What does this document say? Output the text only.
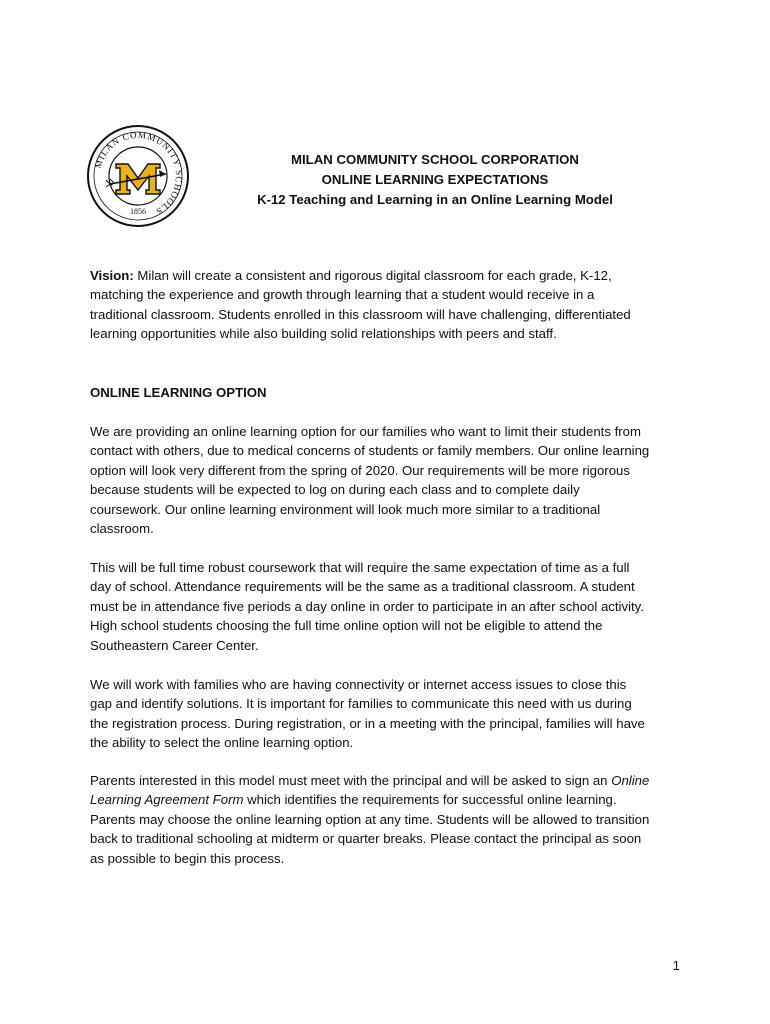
MILAN COMMUNITY SCHOOLS
1856
MILAN COMMUNITY SCHOOL CORPORATION
ONLINE LEARNING EXPECTATIONS
K-12 Teaching and Learning in an Online Learning Model
Vision: Milan will create a consistent and rigorous digital classroom for each grade, K-12,
matching the experience and growth through learning that a student would receive in a
traditional classroom. Students enrolled in this classroom will have challenging, differentiated
learning opportunities while also building solid relationships with peers and staff.
ONLINE LEARNING OPTION
We are providing an online learning option for our families who want to limit their students from
contact with others, due to medical concerns of students or family members. Our online learning
option will look very different from the spring of 2020. Our requirements will be more rigorous
because students will be expected to log on during each class and to complete daily
coursework. Our online learning environment will look much more similar to a traditional
classroom.
This will be full time robust coursework that will require the same expectation of time as a full
day of school. Attendance requirements will be the same as a traditional classroom. A student
must be in attendance five periods a day online in order to participate in an after school activity.
High school students choosing the full time online option will not be eligible to attend the
Southeastern Career Center.
We will work with families who are having connectivity or internet access issues to close this
gap and identify solutions. It is important for families to communicate this need with us during
the registration process. During registration, or in a meeting with the principal, families will have
the ability to select the online learning option.
Parents interested in this model must meet with the principal and will be asked to sign an Online
Learning Agreement Form which identifies the requirements for successful online learning.
Parents may choose the online learning option at any time. Students will be allowed to transition
back to traditional schooling at midterm or quarter breaks. Please contact the principal as soon
as possible to begin this process.
1
